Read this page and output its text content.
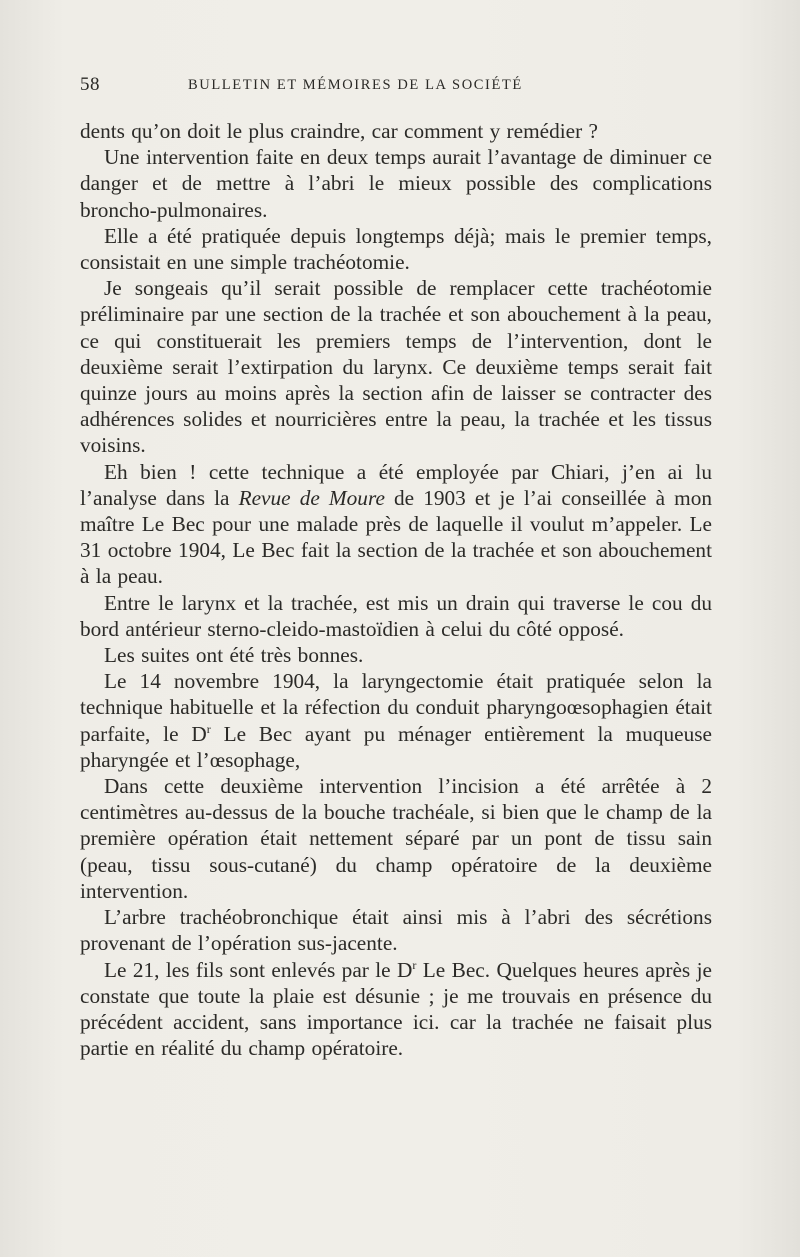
58	BULLETIN ET MÉMOIRES DE LA SOCIÉTÉ

dents qu’on doit le plus craindre, car comment y remédier ?

Une intervention faite en deux temps aurait l’avantage de diminuer ce danger et de mettre à l’abri le mieux possible des complications broncho-pulmonaires.

Elle a été pratiquée depuis longtemps déjà; mais le premier temps, consistait en une simple trachéotomie.

Je songeais qu’il serait possible de remplacer cette trachéotomie préliminaire par une section de la trachée et son abouchement à la peau, ce qui constituerait les premiers temps de l’intervention, dont le deuxième serait l’extirpation du larynx. Ce deuxième temps serait fait quinze jours au moins après la section afin de laisser se contracter des adhérences solides et nourricières entre la peau, la trachée et les tissus voisins.

Eh bien ! cette technique a été employée par Chiari, j’en ai lu l’analyse dans la Revue de Moure de 1903 et je l’ai conseillée à mon maître Le Bec pour une malade près de laquelle il voulut m’appeler. Le 31 octobre 1904, Le Bec fait la section de la trachée et son abouchement à la peau.

Entre le larynx et la trachée, est mis un drain qui traverse le cou du bord antérieur sterno-cleido-mastoïdien à celui du côté opposé.

Les suites ont été très bonnes.

Le 14 novembre 1904, la laryngectomie était pratiquée selon la technique habituelle et la réfection du conduit pharyngoœsophagien était parfaite, le $D^r$ Le Bec ayant pu ménager entièrement la muqueuse pharyngée et l’œsophage,

Dans cette deuxième intervention l’incision a été arrêtée à 2 centimètres au-dessus de la bouche trachéale, si bien que le champ de la première opération était nettement séparé par un pont de tissu sain (peau, tissu sous-cutané) du champ opératoire de la deuxième intervention.

L’arbre trachéobronchique était ainsi mis à l’abri des sécrétions provenant de l’opération sus-jacente.

Le 21, les fils sont enlevés par le $D^r$ Le Bec. Quelques heures après je constate que toute la plaie est désunie ; je me trouvais en présence du précédent accident, sans importance ici. car la trachée ne faisait plus partie en réalité du champ opératoire.
